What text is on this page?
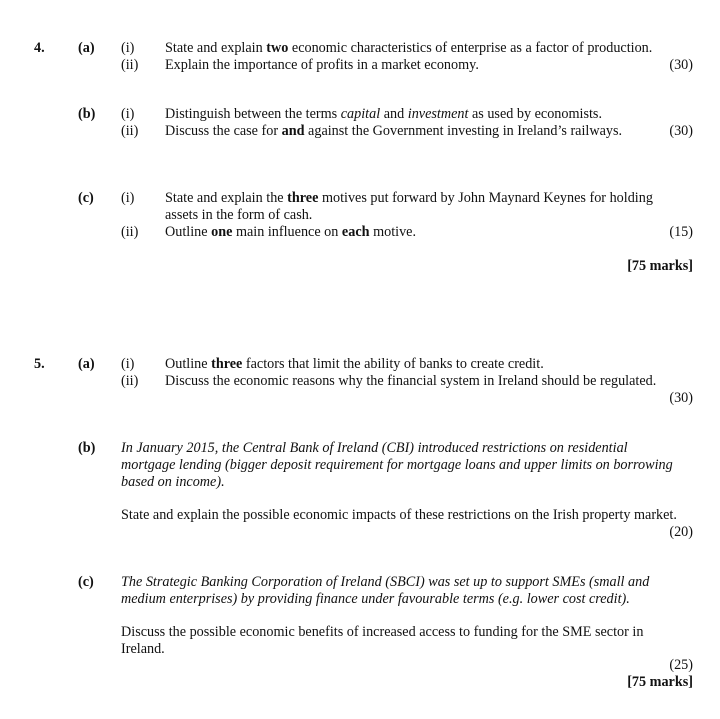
4. (a) (i) State and explain two economic characteristics of enterprise as a factor of production.
(ii) Explain the importance of profits in a market economy.	(30)
(b) (i) Distinguish between the terms capital and investment as used by economists.
(ii) Discuss the case for and against the Government investing in Ireland’s railways.	(30)
(c) (i) State and explain the three motives put forward by John Maynard Keynes for holding
assets in the form of cash.
(ii) Outline one main influence on each motive.	(15)
[75 marks]
5. (a) (i) Outline three factors that limit the ability of banks to create credit.
(ii) Discuss the economic reasons why the financial system in Ireland should be regulated.
(30)
(b) In January 2015, the Central Bank of Ireland (CBI) introduced restrictions on residential
mortgage lending (bigger deposit requirement for mortgage loans and upper limits on borrowing
based on income).
State and explain the possible economic impacts of these restrictions on the Irish property market.
(20)
(c) The Strategic Banking Corporation of Ireland (SBCI) was set up to support SMEs (small and
medium enterprises) by providing finance under favourable terms (e.g. lower cost credit).
Discuss the possible economic benefits of increased access to funding for the SME sector in
Ireland.
(25)
[75 marks]
